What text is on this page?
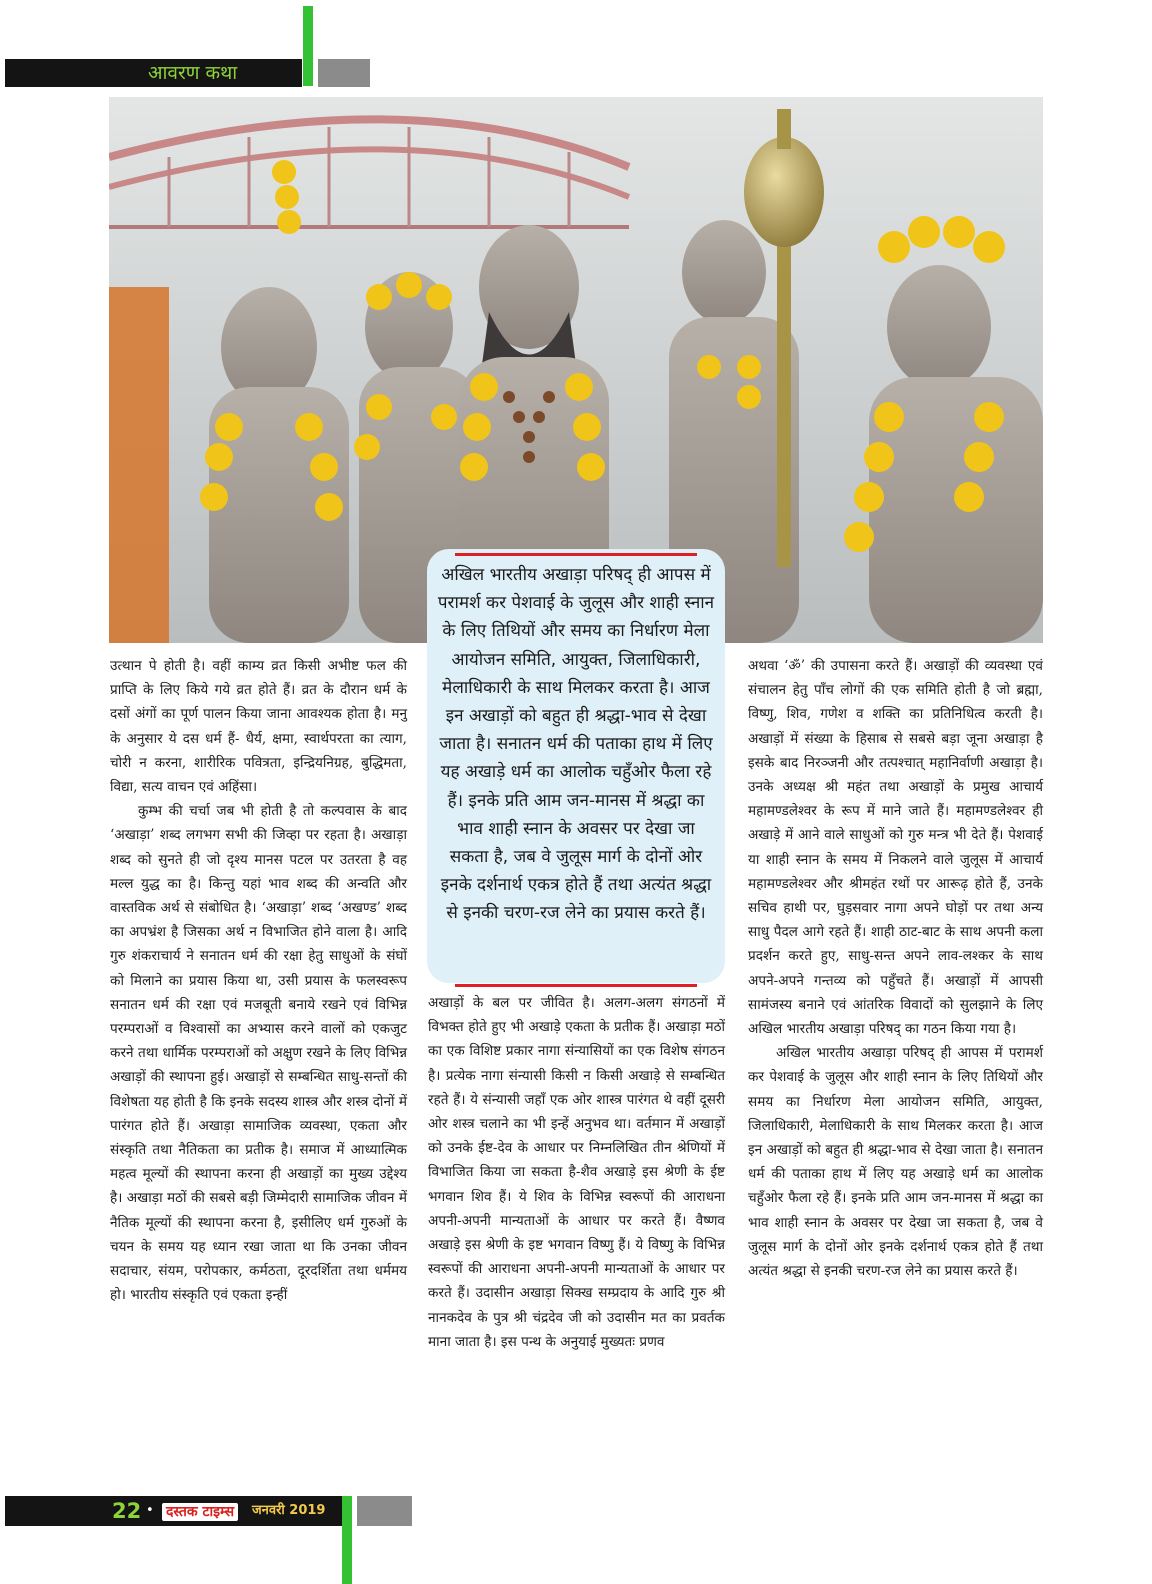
आवरण कथा

उत्थान पे होती है। वहीं काम्य व्रत किसी अभीष्ट फल की प्राप्ति के लिए किये गये व्रत होते हैं। व्रत के दौरान धर्म के दसों अंगों का पूर्ण पालन किया जाना आवश्यक होता है। मनु के अनुसार ये दस धर्म हैं- धैर्य, क्षमा, स्वार्थपरता का त्याग, चोरी न करना, शारीरिक पवित्रता, इन्द्रियनिग्रह, बुद्धिमता, विद्या, सत्य वाचन एवं अहिंसा।

कुम्भ की चर्चा जब भी होती है तो कल्पवास के बाद ‘अखाड़ा’ शब्द लगभग सभी की जिव्हा पर रहता है। अखाड़ा शब्द को सुनते ही जो दृश्य मानस पटल पर उतरता है वह मल्ल युद्ध का है। किन्तु यहां भाव शब्द की अन्वति और वास्तविक अर्थ से संबोधित है। ‘अखाड़ा’ शब्द ‘अखण्ड’ शब्द का अपभ्रंश है जिसका अर्थ न विभाजित होने वाला है। आदि गुरु शंकराचार्य ने सनातन धर्म की रक्षा हेतु साधुओं के संघों को मिलाने का प्रयास किया था, उसी प्रयास के फलस्वरूप सनातन धर्म की रक्षा एवं मजबूती बनाये रखने एवं विभिन्न परम्पराओं व विश्वासों का अभ्यास करने वालों को एकजुट करने तथा धार्मिक परम्पराओं को अक्षुण रखने के लिए विभिन्न अखाड़ों की स्थापना हुई। अखाड़ों से सम्बन्धित साधु-सन्तों की विशेषता यह होती है कि इनके सदस्य शास्त्र और शस्त्र दोनों में पारंगत होते हैं। अखाड़ा सामाजिक व्यवस्था, एकता और संस्कृति तथा नैतिकता का प्रतीक है। समाज में आध्यात्मिक महत्व मूल्यों की स्थापना करना ही अखाड़ों का मुख्य उद्देश्य है। अखाड़ा मठों की सबसे बड़ी जिम्मेदारी सामाजिक जीवन में नैतिक मूल्यों की स्थापना करना है, इसीलिए धर्म गुरुओं के चयन के समय यह ध्यान रखा जाता था कि उनका जीवन सदाचार, संयम, परोपकार, कर्मठता, दूरदर्शिता तथा धर्ममय हो। भारतीय संस्कृति एवं एकता इन्हीं

अखिल भारतीय अखाड़ा परिषद् ही आपस में परामर्श कर पेशवाई के जुलूस और शाही स्नान के लिए तिथियों और समय का निर्धारण मेला आयोजन समिति, आयुक्त, जिलाधिकारी, मेलाधिकारी के साथ मिलकर करता है। आज इन अखाड़ों को बहुत ही श्रद्धा-भाव से देखा जाता है। सनातन धर्म की पताका हाथ में लिए यह अखाड़े धर्म का आलोक चहुँओर फैला रहे हैं। इनके प्रति आम जन-मानस में श्रद्धा का भाव शाही स्नान के अवसर पर देखा जा सकता है, जब वे जुलूस मार्ग के दोनों ओर इनके दर्शनार्थ एकत्र होते हैं तथा अत्यंत श्रद्धा से इनकी चरण-रज लेने का प्रयास करते हैं।

अखाड़ों के बल पर जीवित है। अलग-अलग संगठनों में विभक्त होते हुए भी अखाड़े एकता के प्रतीक हैं। अखाड़ा मठों का एक विशिष्ट प्रकार नागा संन्यासियों का एक विशेष संगठन है। प्रत्येक नागा संन्यासी किसी न किसी अखाड़े से सम्बन्धित रहते हैं। ये संन्यासी जहाँ एक ओर शास्त्र पारंगत थे वहीं दूसरी ओर शस्त्र चलाने का भी इन्हें अनुभव था। वर्तमान में अखाड़ों को उनके ईष्ट-देव के आधार पर निम्नलिखित तीन श्रेणियों में विभाजित किया जा सकता है-शैव अखाड़े इस श्रेणी के ईष्ट भगवान शिव हैं। ये शिव के विभिन्न स्वरूपों की आराधना अपनी-अपनी मान्यताओं के आधार पर करते हैं। वैष्णव अखाड़े इस श्रेणी के इष्ट भगवान विष्णु हैं। ये विष्णु के विभिन्न स्वरूपों की आराधना अपनी-अपनी मान्यताओं के आधार पर करते हैं। उदासीन अखाड़ा सिक्ख सम्प्रदाय के आदि गुरु श्री नानकदेव के पुत्र श्री चंद्रदेव जी को उदासीन मत का प्रवर्तक माना जाता है। इस पन्थ के अनुयाई मुख्यतः प्रणव

अथवा ‘ॐ’ की उपासना करते हैं। अखाड़ों की व्यवस्था एवं संचालन हेतु पाँच लोगों की एक समिति होती है जो ब्रह्मा, विष्णु, शिव, गणेश व शक्ति का प्रतिनिधित्व करती है। अखाड़ों में संख्या के हिसाब से सबसे बड़ा जूना अखाड़ा है इसके बाद निरञ्जनी और तत्पश्चात् महानिर्वाणी अखाड़ा है। उनके अध्यक्ष श्री महंत तथा अखाड़ों के प्रमुख आचार्य महामण्डलेश्वर के रूप में माने जाते हैं। महामण्डलेश्वर ही अखाड़े में आने वाले साधुओं को गुरु मन्त्र भी देते हैं। पेशवाई या शाही स्नान के समय में निकलने वाले जुलूस में आचार्य महामण्डलेश्वर और श्रीमहंत रथों पर आरूढ़ होते हैं, उनके सचिव हाथी पर, घुड़सवार नागा अपने घोड़ों पर तथा अन्य साधु पैदल आगे रहते हैं। शाही ठाट-बाट के साथ अपनी कला प्रदर्शन करते हुए, साधु-सन्त अपने लाव-लश्कर के साथ अपने-अपने गन्तव्य को पहुँचते हैं। अखाड़ों में आपसी सामंजस्य बनाने एवं आंतरिक विवादों को सुलझाने के लिए अखिल भारतीय अखाड़ा परिषद् का गठन किया गया है।

अखिल भारतीय अखाड़ा परिषद् ही आपस में परामर्श कर पेशवाई के जुलूस और शाही स्नान के लिए तिथियों और समय का निर्धारण मेला आयोजन समिति, आयुक्त, जिलाधिकारी, मेलाधिकारी के साथ मिलकर करता है। आज इन अखाड़ों को बहुत ही श्रद्धा-भाव से देखा जाता है। सनातन धर्म की पताका हाथ में लिए यह अखाड़े धर्म का आलोक चहुँओर फैला रहे हैं। इनके प्रति आम जन-मानस में श्रद्धा का भाव शाही स्नान के अवसर पर देखा जा सकता है, जब वे जुलूस मार्ग के दोनों ओर इनके दर्शनार्थ एकत्र होते हैं तथा अत्यंत श्रद्धा से इनकी चरण-रज लेने का प्रयास करते हैं।

22 • दस्तक टाइम्स	जनवरी 2019
